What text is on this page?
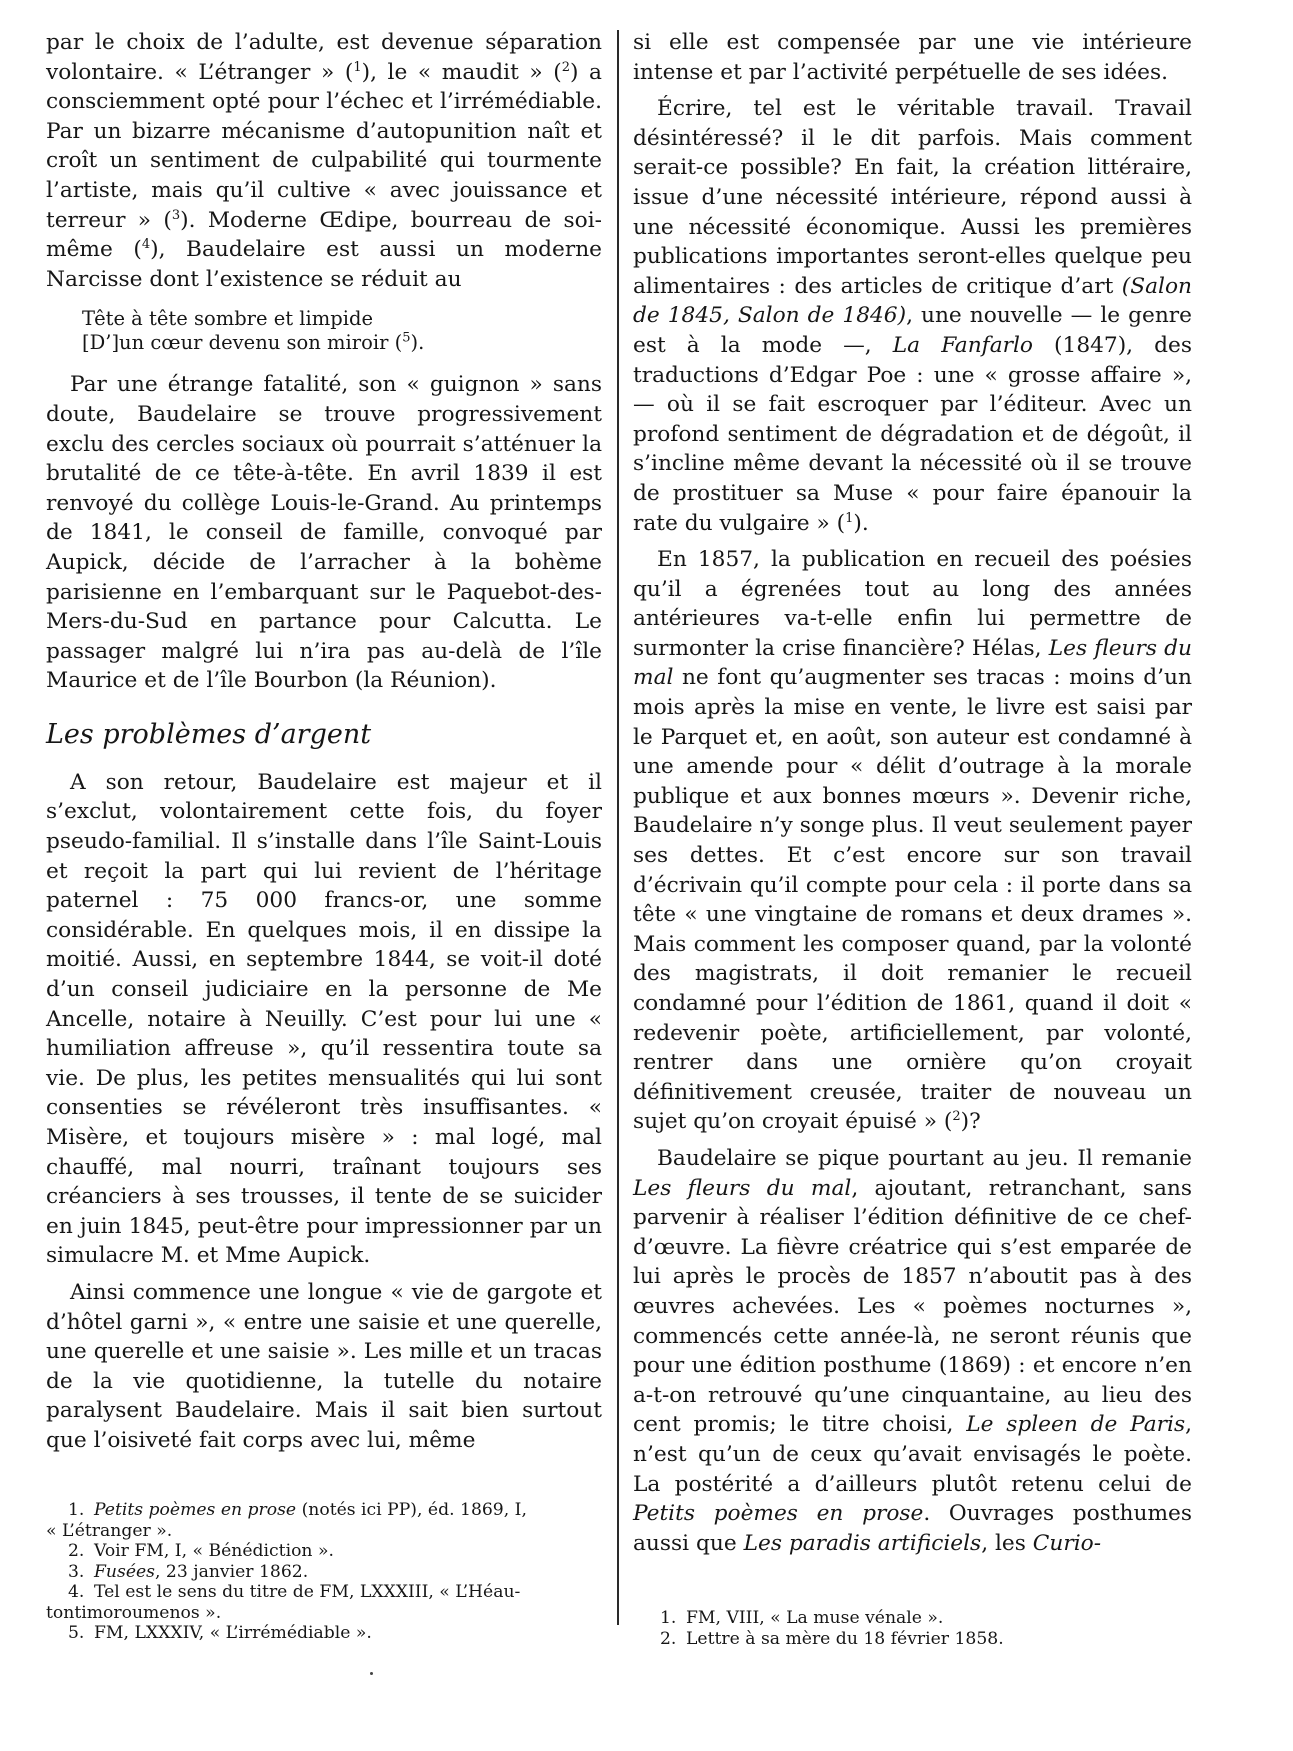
par le choix de l’adulte, est devenue séparation volontaire. « L’étranger » ($^1$), le « maudit » ($^2$) a consciemment opté pour l’échec et l’irrémédiable. Par un bizarre mécanisme d’autopunition naît et croît un sentiment de culpabilité qui tourmente l’artiste, mais qu’il cultive « avec jouissance et terreur » ($^3$). Moderne Œdipe, bourreau de soi-même ($^4$), Baudelaire est aussi un moderne Narcisse dont l’existence se réduit au

Tête à tête sombre et limpide
[D’]un cœur devenu son miroir ($^5$).

Par une étrange fatalité, son « guignon » sans doute, Baudelaire se trouve progressivement exclu des cercles sociaux où pourrait s’atténuer la brutalité de ce tête-à-tête. En avril 1839 il est renvoyé du collège Louis-le-Grand. Au printemps de 1841, le conseil de famille, convoqué par Aupick, décide de l’arracher à la bohème parisienne en l’embarquant sur le Paquebot-des-Mers-du-Sud en partance pour Calcutta. Le passager malgré lui n’ira pas au-delà de l’île Maurice et de l’île Bourbon (la Réunion).

Les problèmes d’argent

A son retour, Baudelaire est majeur et il s’exclut, volontairement cette fois, du foyer pseudo-familial. Il s’installe dans l’île Saint-Louis et reçoit la part qui lui revient de l’héritage paternel : 75 000 francs-or, une somme considérable. En quelques mois, il en dissipe la moitié. Aussi, en septembre 1844, se voit-il doté d’un conseil judiciaire en la personne de Me Ancelle, notaire à Neuilly. C’est pour lui une « humiliation affreuse », qu’il ressentira toute sa vie. De plus, les petites mensualités qui lui sont consenties se révéleront très insuffisantes. « Misère, et toujours misère » : mal logé, mal chauffé, mal nourri, traînant toujours ses créanciers à ses trousses, il tente de se suicider en juin 1845, peut-être pour impressionner par un simulacre M. et Mme Aupick.

Ainsi commence une longue « vie de gargote et d’hôtel garni », « entre une saisie et une querelle, une querelle et une saisie ». Les mille et un tracas de la vie quotidienne, la tutelle du notaire paralysent Baudelaire. Mais il sait bien surtout que l’oisiveté fait corps avec lui, même

si elle est compensée par une vie intérieure intense et par l’activité perpétuelle de ses idées.

Écrire, tel est le véritable travail. Travail désintéressé? il le dit parfois. Mais comment serait-ce possible? En fait, la création littéraire, issue d’une nécessité intérieure, répond aussi à une nécessité économique. Aussi les premières publications importantes seront-elles quelque peu alimentaires : des articles de critique d’art (Salon de 1845, Salon de 1846), une nouvelle — le genre est à la mode —, La Fanfarlo (1847), des traductions d’Edgar Poe : une « grosse affaire », — où il se fait escroquer par l’éditeur. Avec un profond sentiment de dégradation et de dégoût, il s’incline même devant la nécessité où il se trouve de prostituer sa Muse « pour faire épanouir la rate du vulgaire » ($^1$).

En 1857, la publication en recueil des poésies qu’il a égrenées tout au long des années antérieures va-t-elle enfin lui permettre de surmonter la crise financière? Hélas, Les fleurs du mal ne font qu’augmenter ses tracas : moins d’un mois après la mise en vente, le livre est saisi par le Parquet et, en août, son auteur est condamné à une amende pour « délit d’outrage à la morale publique et aux bonnes mœurs ». Devenir riche, Baudelaire n’y songe plus. Il veut seulement payer ses dettes. Et c’est encore sur son travail d’écrivain qu’il compte pour cela : il porte dans sa tête « une vingtaine de romans et deux drames ». Mais comment les composer quand, par la volonté des magistrats, il doit remanier le recueil condamné pour l’édition de 1861, quand il doit « redevenir poète, artificiellement, par volonté, rentrer dans une ornière qu’on croyait définitivement creusée, traiter de nouveau un sujet qu’on croyait épuisé » ($^2$)?

Baudelaire se pique pourtant au jeu. Il remanie Les fleurs du mal, ajoutant, retranchant, sans parvenir à réaliser l’édition définitive de ce chef-d’œuvre. La fièvre créatrice qui s’est emparée de lui après le procès de 1857 n’aboutit pas à des œuvres achevées. Les « poèmes nocturnes », commencés cette année-là, ne seront réunis que pour une édition posthume (1869) : et encore n’en a-t-on retrouvé qu’une cinquantaine, au lieu des cent promis; le titre choisi, Le spleen de Paris, n’est qu’un de ceux qu’avait envisagés le poète. La postérité a d’ailleurs plutôt retenu celui de Petits poèmes en prose. Ouvrages posthumes aussi que Les paradis artificiels, les Curio-

1. Petits poèmes en prose (notés ici PP), éd. 1869, I,
« L’étranger ».
2. Voir FM, I, « Bénédiction ».
3. Fusées, 23 janvier 1862.
4. Tel est le sens du titre de FM, LXXXIII, « L’Héau-
tontimoroumenos ».
5. FM, LXXXIV, « L’irrémédiable ».
1. FM, VIII, « La muse vénale ».
2. Lettre à sa mère du 18 février 1858.
